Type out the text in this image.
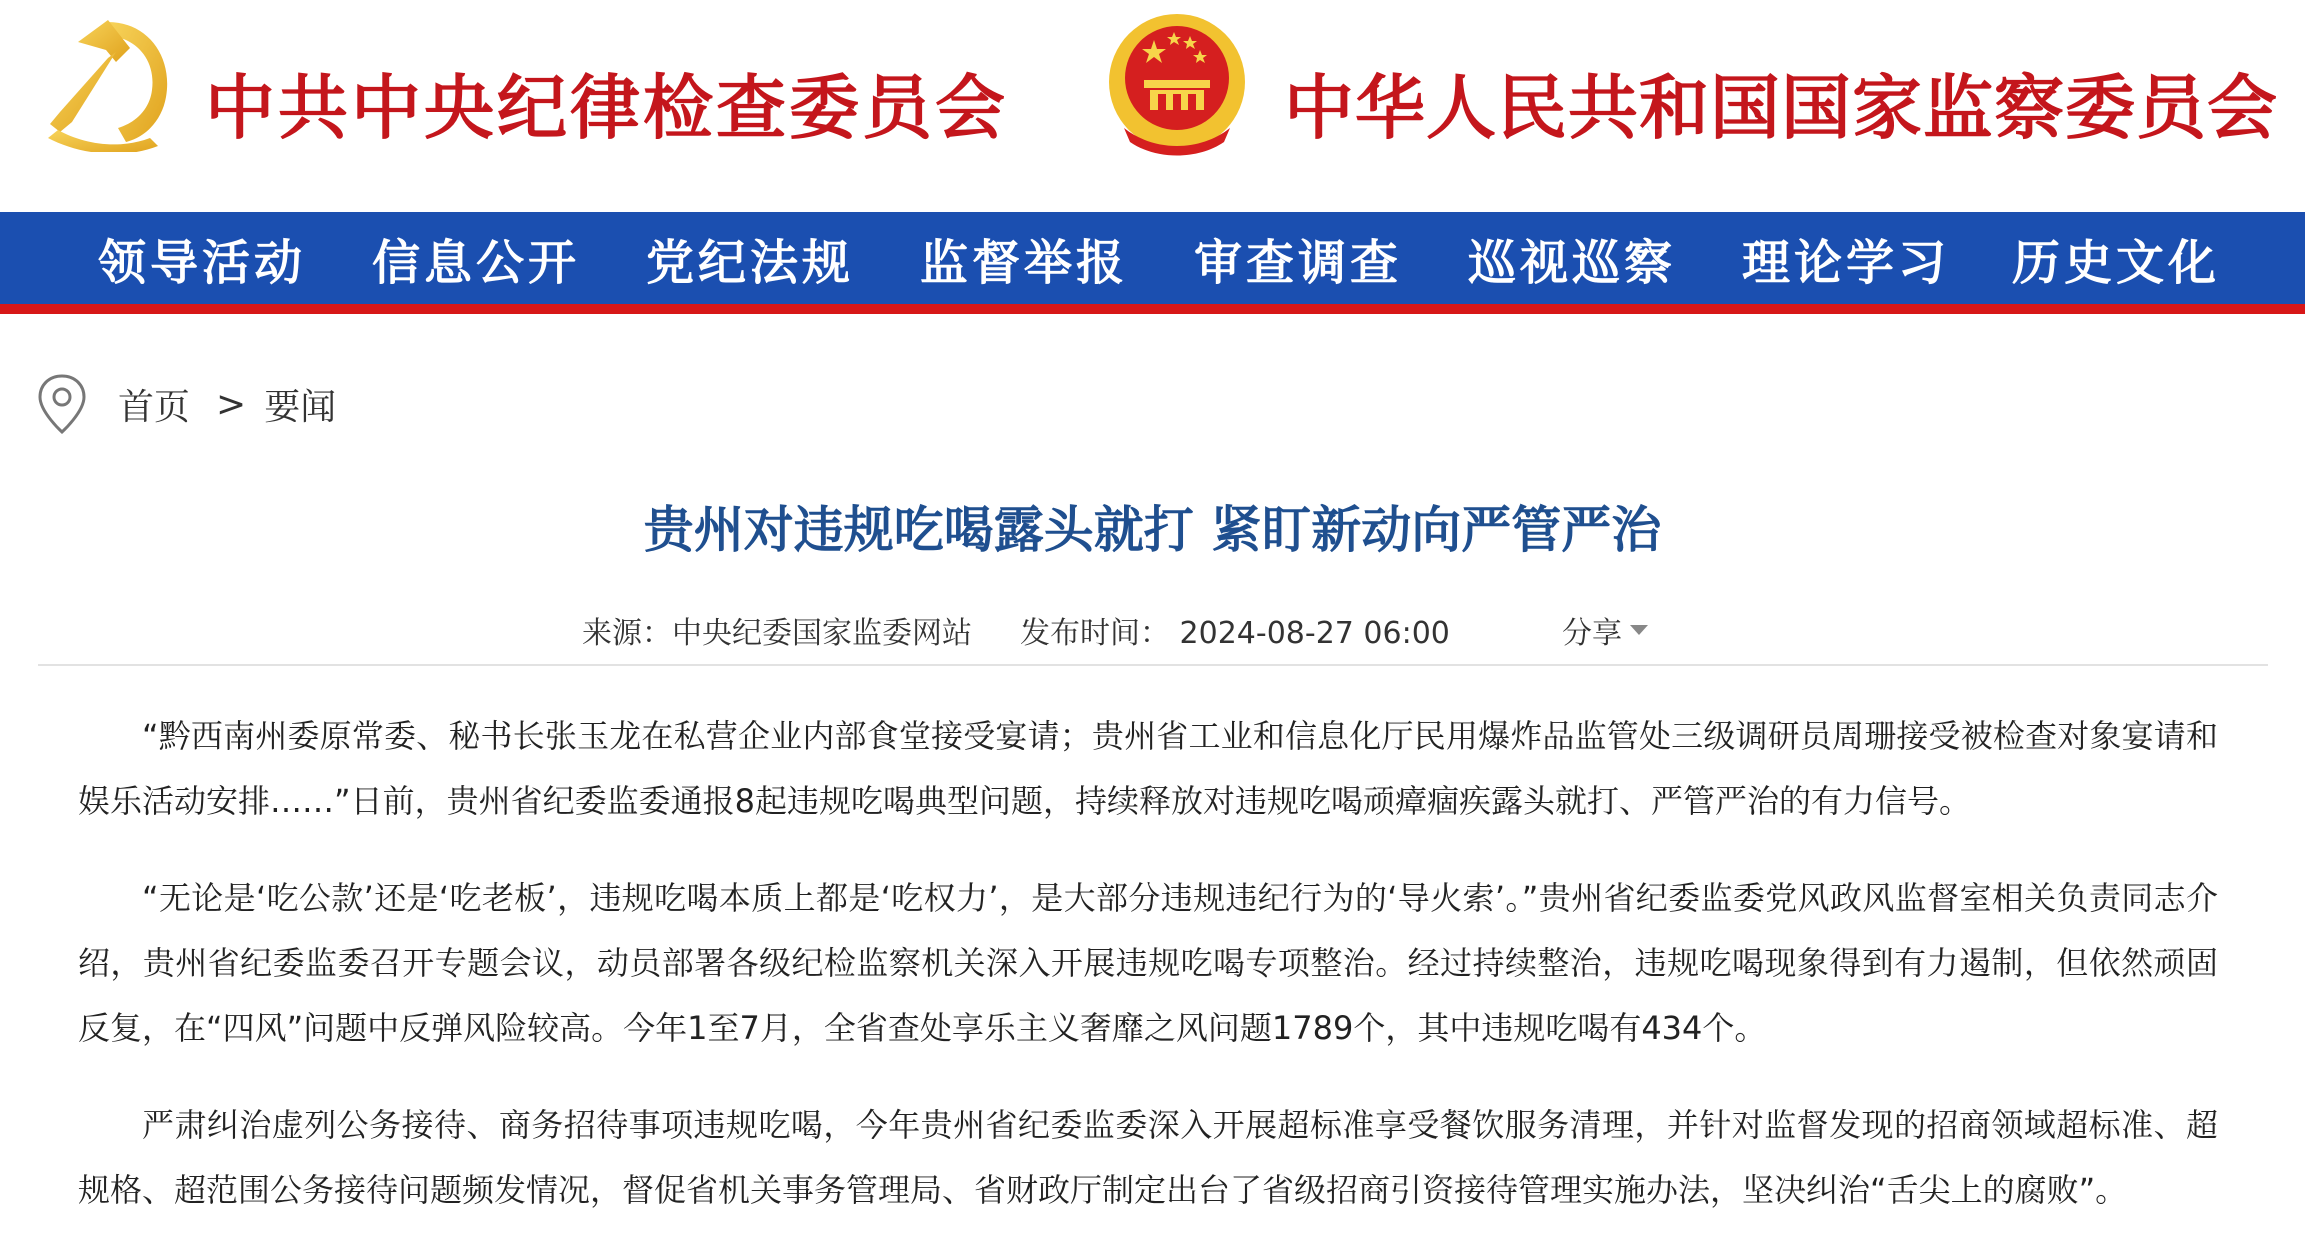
中共中央纪律检查委员会	中华人民共和国国家监察委员会
领导活动 信息公开 党纪法规 监督举报 审查调查 巡视巡察 理论学习 历史文化
首页 > 要闻
贵州对违规吃喝露头就打 紧盯新动向严管严治
来源：中央纪委国家监委网站 发布时间： 2024-08-27 06:00	分享

“黔西南州委原常委、秘书长张玉龙在私营企业内部食堂接受宴请；贵州省工业和信息化厅民用爆炸品监管处三级调研员周珊接受被检查对象宴请和娱乐活动安排……”日前，贵州省纪委监委通报8起违规吃喝典型问题，持续释放对违规吃喝顽瘴痼疾露头就打、严管严治的有力信号。

“无论是‘吃公款’还是‘吃老板’，违规吃喝本质上都是‘吃权力’，是大部分违规违纪行为的‘导火索’。”贵州省纪委监委党风政风监督室相关负责同志介绍，贵州省纪委监委召开专题会议，动员部署各级纪检监察机关深入开展违规吃喝专项整治。经过持续整治，违规吃喝现象得到有力遏制，但依然顽固反复，在“四风”问题中反弹风险较高。今年1至7月，全省查处享乐主义奢靡之风问题1789个，其中违规吃喝有434个。

严肃纠治虚列公务接待、商务招待事项违规吃喝，今年贵州省纪委监委深入开展超标准享受餐饮服务清理，并针对监督发现的招商领域超标准、超规格、超范围公务接待问题频发情况，督促省机关事务管理局、省财政厅制定出台了省级招商引资接待管理实施办法，坚决纠治“舌尖上的腐败”。
